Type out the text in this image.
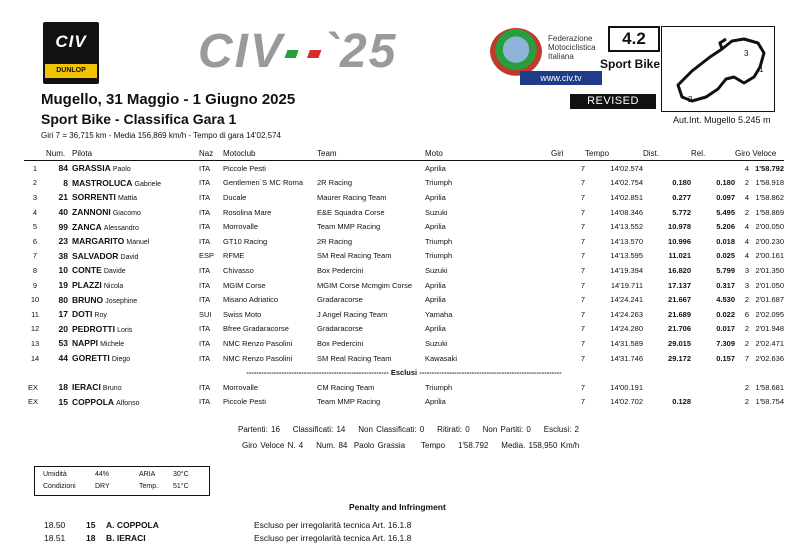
CIV
DUNLOP CIV `25	Federazione
Motociclistica
Italiana
www.civ.tv
4.2
Sport Bike
REVISED
1
2
3
Mugello, 31 Maggio - 1 Giugno 2025
Sport Bike - Classifica Gara 1
Giri 7 = 36,715 km - Media 156,869 km/h - Tempo di gara 14'02.574
Aut.Int. Mugello 5.245 m
	Num.	Pilota	Naz	Motoclub	Team	Moto	Giri	Tempo	Dist.	Rel.	Giro Veloce	
1	84	GRASSIA Paolo	ITA	Piccole Pesti		Aprilia	7	14'02.574			4	1'58.792
2	8	MASTROLUCA Gabriele	ITA	Gentlemen`S MC Roma	2R Racing	Triumph	7	14'02.754	0.180	0.180	2	1'58.918
3	21	SORRENTI Mattia	ITA	Ducale	Maurer Racing Team	Aprilia	7	14'02.851	0.277	0.097	4	1'58.862
4	40	ZANNONI Giacomo	ITA	Rosolina Mare	E&E Squadra Corse	Suzuki	7	14'08.346	5.772	5.495	2	1'58.869
5	99	ZANCA Alessandro	ITA	Morrovalle	Team MMP Racing	Aprilia	7	14'13.552	10.978	5.206	4	2'00.050
6	23	MARGARITO Manuel	ITA	GT10 Racing	2R Racing	Triumph	7	14'13.570	10.996	0.018	4	2'00.230
7	38	SALVADOR David	ESP	RFME	SM Real Racing Team	Triumph	7	14'13.595	11.021	0.025	4	2'00.161
8	10	CONTE Davide	ITA	Chivasso	Box Pedercini	Suzuki	7	14'19.394	16.820	5.799	3	2'01.350
9	19	PLAZZI Nicola	ITA	MGIM Corse	MGIM Corse Mcmgim Corse	Aprilia	7	14'19.711	17.137	0.317	3	2'01.050
10	80	BRUNO Josephine	ITA	Misano Adriatico	Gradaracorse	Aprilia	7	14'24.241	21.667	4.530	2	2'01.687
11	17	DOTI Roy	SUI	Swiss Moto	J Angel Racing Team	Yamaha	7	14'24.263	21.689	0.022	6	2'02.095
12	20	PEDROTTI Loris	ITA	Bfree Gradaracorse	Gradaracorse	Aprilia	7	14'24.280	21.706	0.017	2	2'01.948
13	53	NAPPI Michele	ITA	NMC Renzo Pasolini	Box Pedercini	Suzuki	7	14'31.589	29.015	7.309	2	2'02.471
14	44	GORETTI Diego	ITA	NMC Renzo Pasolini	SM Real Racing Team	Kawasaki	7	14'31.746	29.172	0.157	7	2'02.636
--------------------------------------------------------- Esclusi ---------------------------------------------------------												
EX	18	IERACI Bruno	ITA	Morrovalle	CM Racing Team	Triumph	7	14'00.191			2	1'58.681
EX	15	COPPOLA Alfonso	ITA	Piccole Pesti	Team MMP Racing	Aprilia	7	14'02.702	0.128		2	1'58.754
Partenti: 16    Classificati: 14    Non Classificati: 0    Ritirati: 0    Non Partiti: 0    Esclusi: 2
Giro Veloce N. 4    Num. 84  Paolo Grassia     Tempo    1'58.792    Media. 158,950 Km/h
Umidità	44%	ARIA	30°C
Condizioni	DRY	Temp. 51°C
Penalty and Infringment
18.50 15 A. COPPOLA	Escluso per irregolarità tecnica Art. 16.1.8
18.51 18 B. IERACI	Escluso per irregolarità tecnica Art. 16.1.8
